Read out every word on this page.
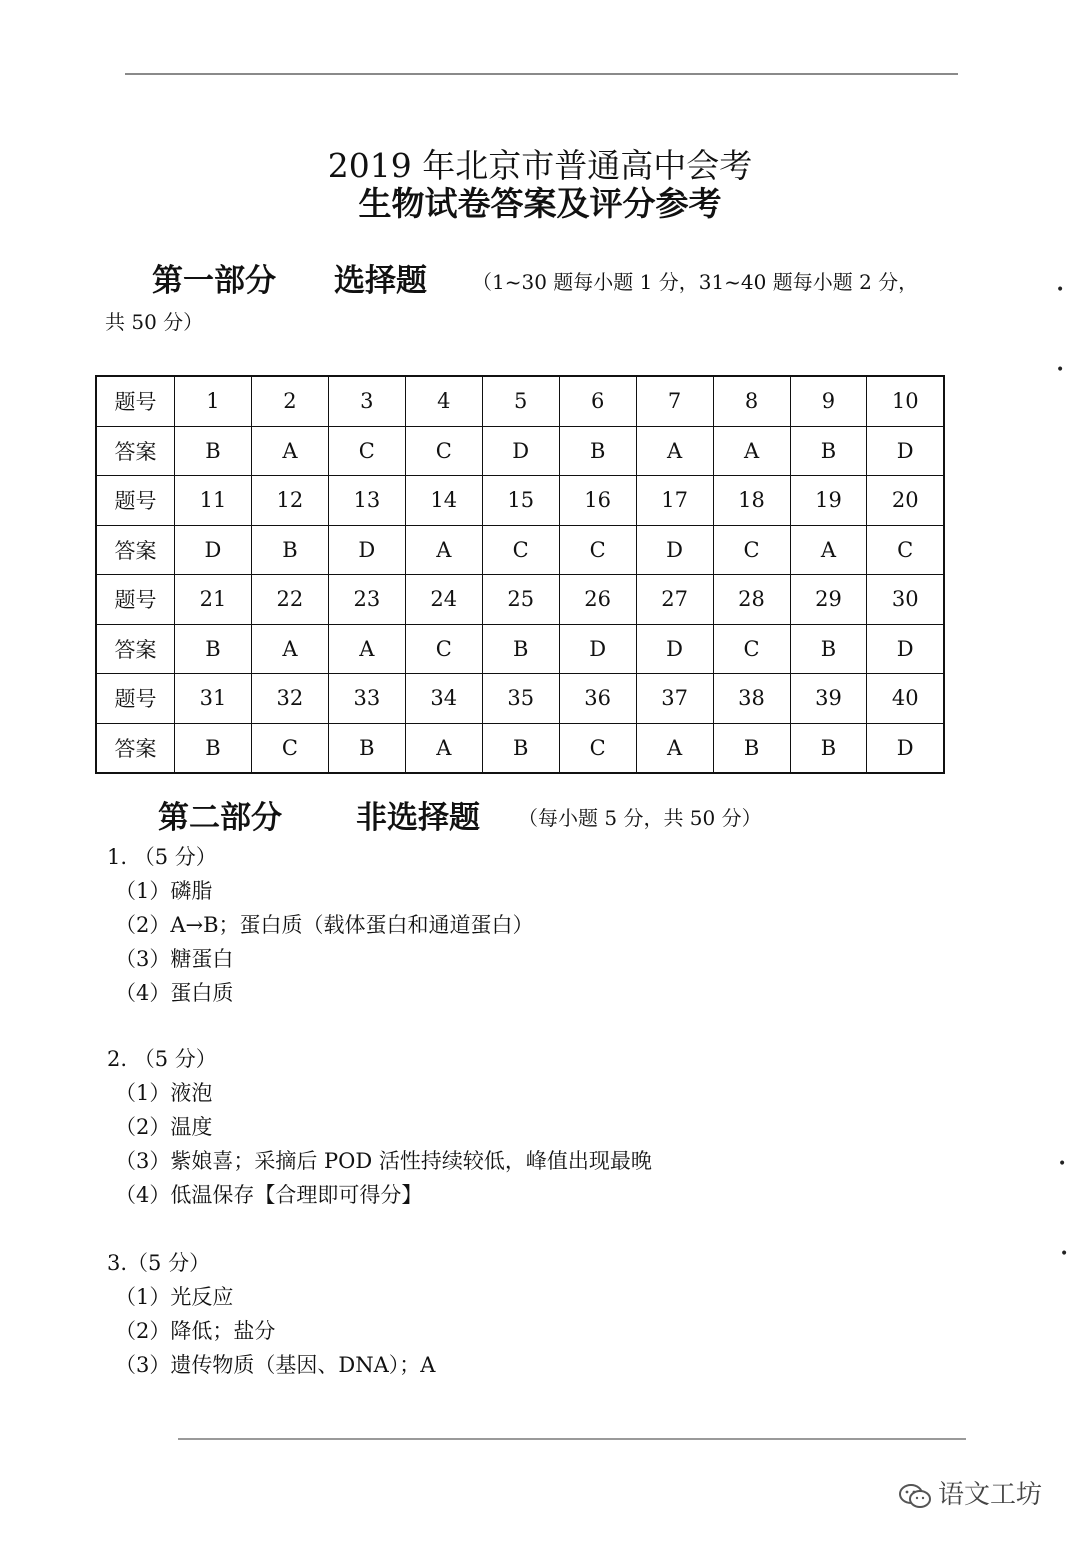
2019 年北京市普通高中会考
生物试卷答案及评分参考
第一部分 选择题 （1~30 题每小题 1 分，31~40 题每小题 2 分，
共 50 分）
题号	1	2	3	4	5	6	7	8	9	10
答案	B	A	C	C	D	B	A	A	B	D
题号	11	12	13	14	15	16	17	18	19	20
答案	D	B	D	A	C	C	D	C	A	C
题号	21	22	23	24	25	26	27	28	29	30
答案	B	A	A	C	B	D	D	C	B	D
题号	31	32	33	34	35	36	37	38	39	40
答案	B	C	B	A	B	C	A	B	B	D
第二部分 非选择题 （每小题 5 分，共 50 分）
1. （5 分）
（1）磷脂
（2）A→B；蛋白质（载体蛋白和通道蛋白）
（3）糖蛋白
（4）蛋白质
2. （5 分）
（1）液泡
（2）温度
（3）紫娘喜；采摘后 POD 活性持续较低，峰值出现最晚
（4）低温保存【合理即可得分】
3.（5 分）
（1）光反应
（2）降低；盐分
（3）遗传物质（基因、DNA）；A
•
•
•
•
语文工坊
